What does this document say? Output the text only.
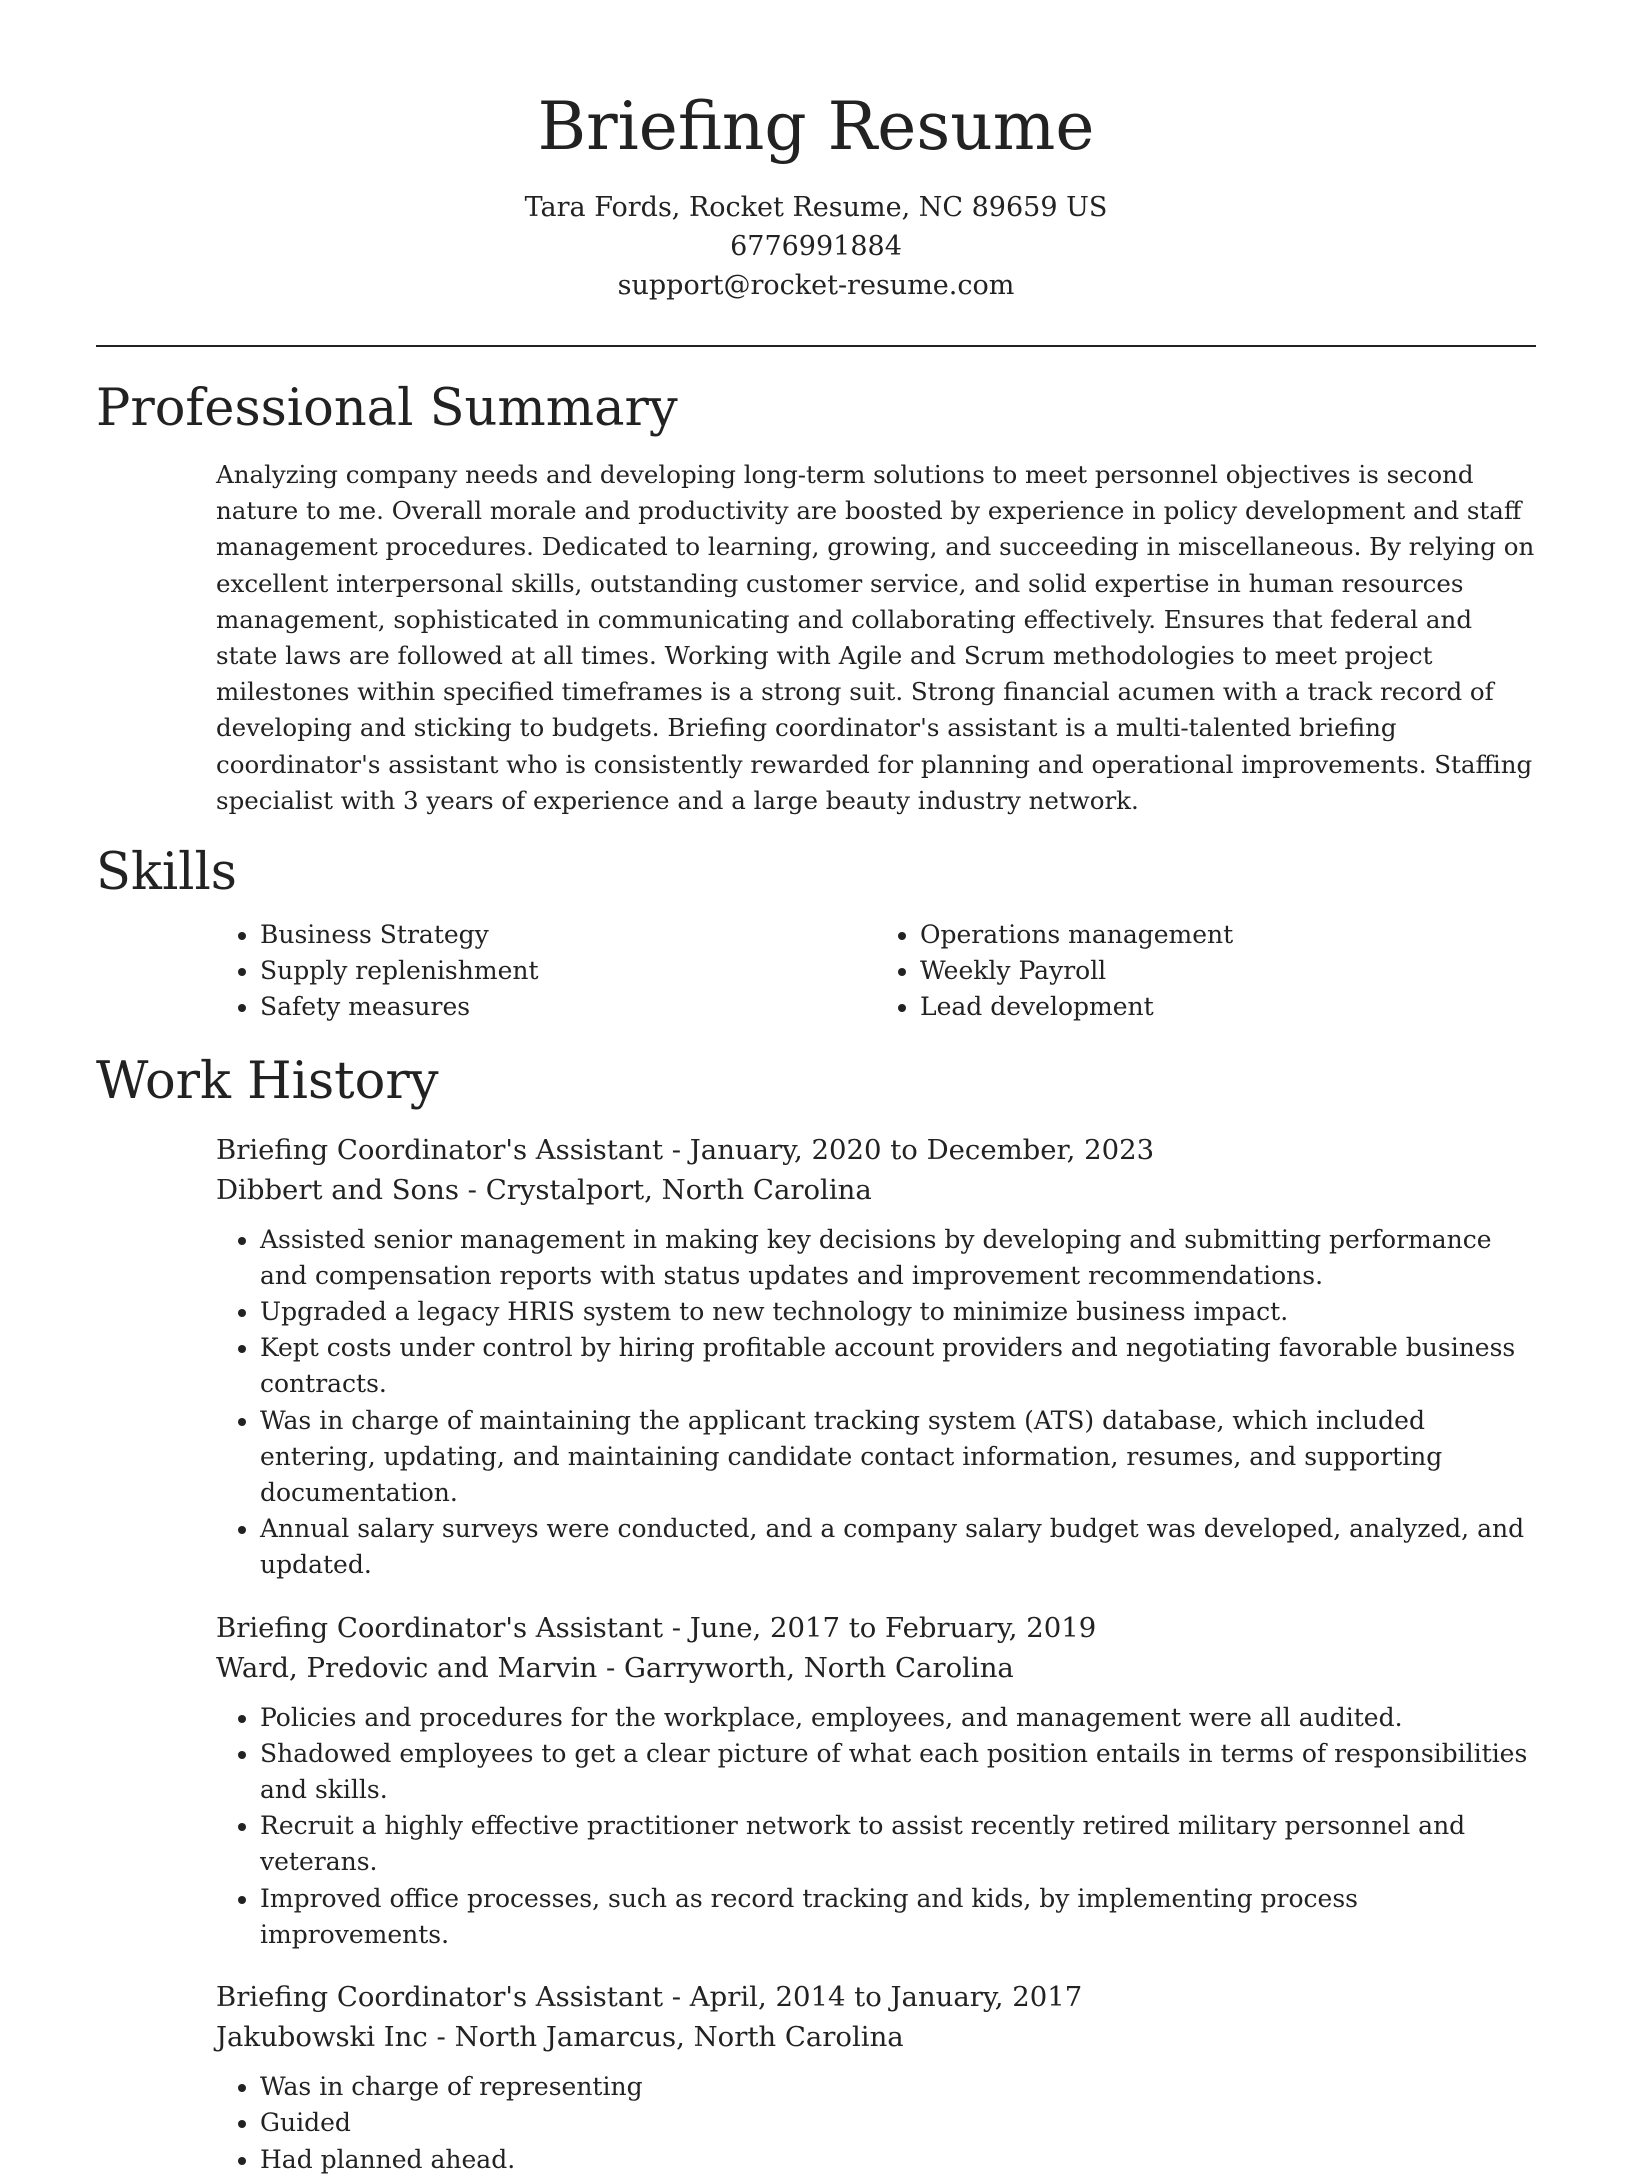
Briefing Resume

Tara Fords, Rocket Resume, NC 89659 US

6776991884

support@rocket-resume.com

Professional Summary

Analyzing company needs and developing long-term solutions to meet personnel objectives is second nature to me. Overall morale and productivity are boosted by experience in policy development and staff management procedures. Dedicated to learning, growing, and succeeding in miscellaneous. By relying on excellent interpersonal skills, outstanding customer service, and solid expertise in human resources management, sophisticated in communicating and collaborating effectively. Ensures that federal and state laws are followed at all times. Working with Agile and Scrum methodologies to meet project milestones within specified timeframes is a strong suit. Strong financial acumen with a track record of developing and sticking to budgets. Briefing coordinator's assistant is a multi-talented briefing coordinator's assistant who is consistently rewarded for planning and operational improvements. Staffing specialist with 3 years of experience and a large beauty industry network.

Skills
• Business Strategy
• Supply replenishment
• Safety measures
• Operations management
• Weekly Payroll
• Lead development
Work History

Briefing Coordinator's Assistant - January, 2020 to December, 2023

Dibbert and Sons - Crystalport, North Carolina

• Assisted senior management in making key decisions by developing and submitting performance and compensation reports with status updates and improvement recommendations.
• Upgraded a legacy HRIS system to new technology to minimize business impact.
• Kept costs under control by hiring profitable account providers and negotiating favorable business contracts.
• Was in charge of maintaining the applicant tracking system (ATS) database, which included entering, updating, and maintaining candidate contact information, resumes, and supporting documentation.
• Annual salary surveys were conducted, and a company salary budget was developed, analyzed, and updated.

Briefing Coordinator's Assistant - June, 2017 to February, 2019

Ward, Predovic and Marvin - Garryworth, North Carolina

• Policies and procedures for the workplace, employees, and management were all audited.
• Shadowed employees to get a clear picture of what each position entails in terms of responsibilities and skills.
• Recruit a highly effective practitioner network to assist recently retired military personnel and veterans.
• Improved office processes, such as record tracking and kids, by implementing process improvements.

Briefing Coordinator's Assistant - April, 2014 to January, 2017

Jakubowski Inc - North Jamarcus, North Carolina

• Was in charge of representing
• Guided
• Had planned ahead.
